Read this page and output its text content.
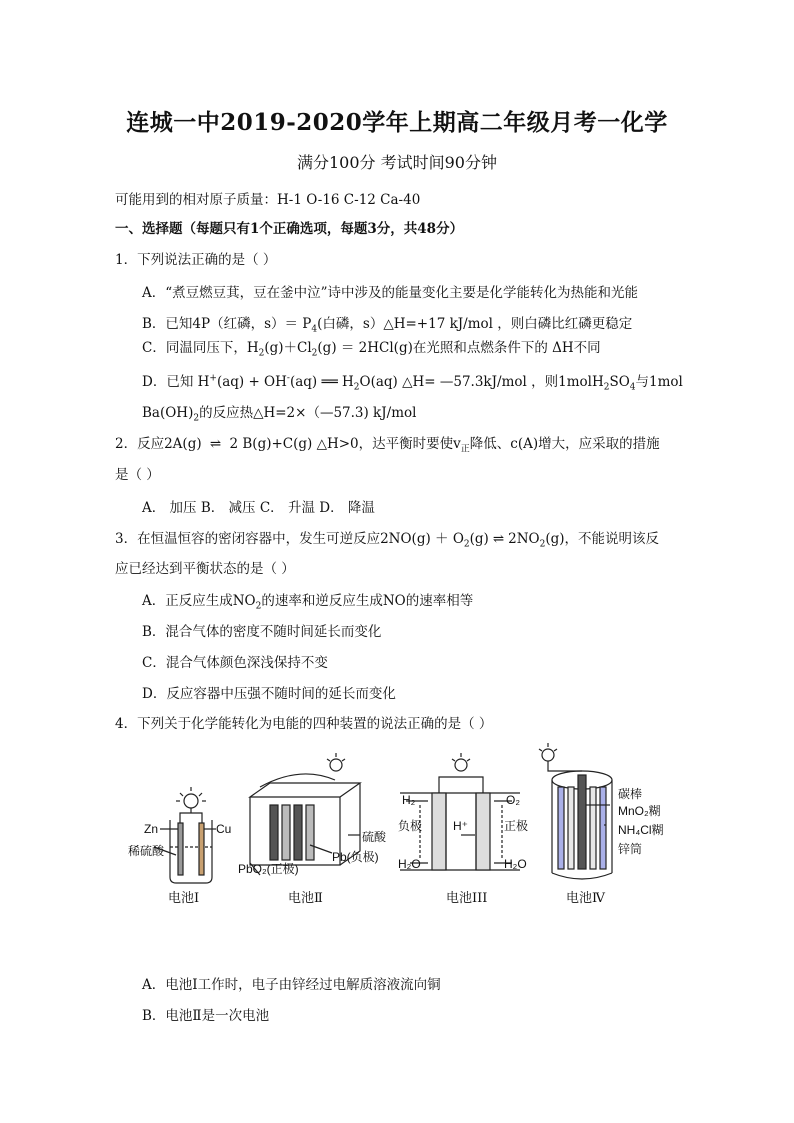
连城一中2019-2020学年上期高二年级月考一化学
满分100分 考试时间90分钟
可能用到的相对原子质量：H-1 O-16 C-12 Ca-40
一、选择题（每题只有1个正确选项，每题3分，共48分）
1．下列说法正确的是（ ）
A．“煮豆燃豆萁，豆在釜中泣”诗中涉及的能量变化主要是化学能转化为热能和光能
B．已知4P（红磷，$s)= P_4$(白磷，s）△H=+17 kJ/mol ，则白磷比红磷更稳定
C．同温同压下，$H_2(g)+Cl_2(g) = 2HCl(g)$在光照和点燃条件下的 ΔH不同
D．已知 H+(aq) + OH-(aq) ══ $H_2O(aq)$ △H= —57.3kJ/mol ，则$1molH_2SO_4$与1mol
$Ba(OH)_2$的反应热△H=2×（—57.3) kJ/mol
2．反应2A(g) ⇌ 2 B(g)+C(g) △H>0，达平衡时要使$v_正$降低、c(A)增大，应采取的措施
是（ ）
A． 加压 B． 减压 C． 升温 D． 降温
3．在恒温恒容的密闭容器中，发生可逆反应$2NO(g) + O_2(g)$ ⇌ $2NO_2(g)$，不能说明该反
应已经达到平衡状态的是（ ）
A．正反应生成$NO_2$的速率和逆反应生成NO的速率相等
B．混合气体的密度不随时间延长而变化
C．混合气体颜色深浅保持不变
D．反应容器中压强不随时间的延长而变化
4．下列关于化学能转化为电能的四种装置的说法正确的是（ ）
Zn	Cu
稀硫酸
电池Ⅰ
硫酸
Pb(负极)
PbO₂(正极)
电池Ⅱ
H₂	O₂
负极	正极
H⁺
H₂O	H₂O
电池III
碳棒
MnO₂糊
NH₄Cl糊
锌筒
电池Ⅳ
A．电池Ⅰ工作时，电子由锌经过电解质溶液流向铜
B．电池Ⅱ是一次电池
